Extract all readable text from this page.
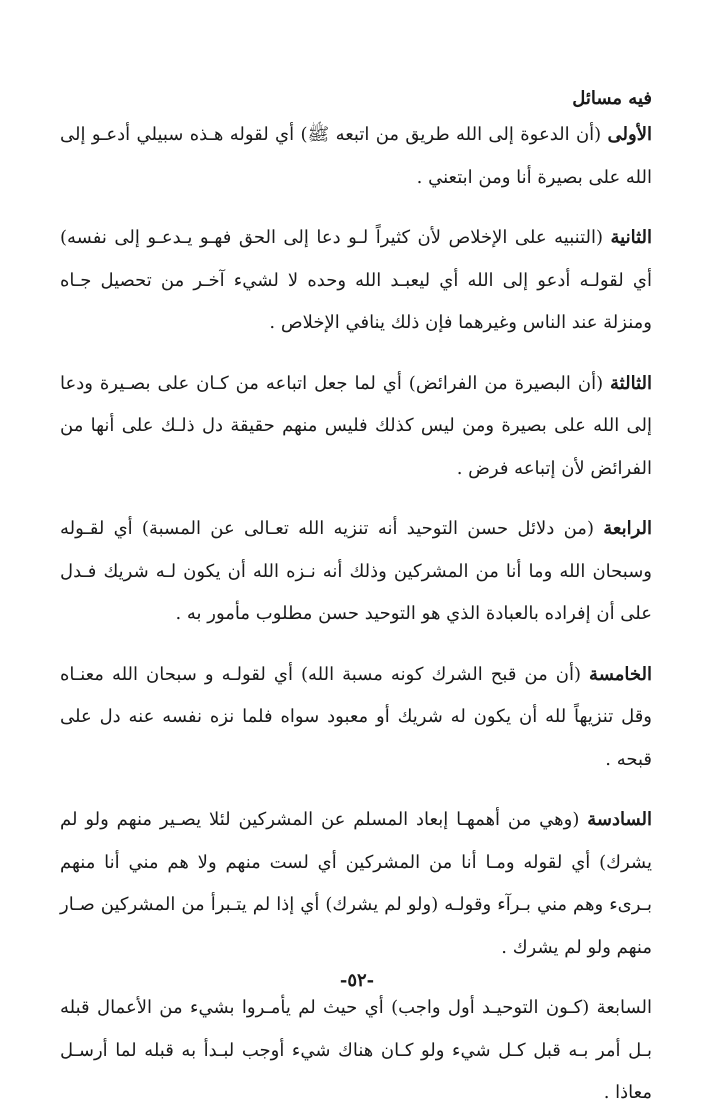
فيه مسائل

الأولى (أن الدعوة إلى الله طريق من اتبعه ﷺ) أي لقوله هـذه سبيلي أدعـو إلى الله على بصيرة أنا ومن ابتعني .

الثانية (التنبيه على الإخلاص لأن كثيراً لـو دعا إلى الحق فهـو يـدعـو إلى نفسه) أي لقولـه أدعو إلى الله أي ليعبـد الله وحده لا لشيء آخـر من تحصيل جـاه ومنزلة عند الناس وغيرهما فإن ذلك ينافي الإخلاص .

الثالثة (أن البصيرة من الفرائض) أي لما جعل اتباعه من كـان على بصـيرة ودعا إلى الله على بصيرة ومن ليس كذلك فليس منهم حقيقة دل ذلـك على أنها من الفرائض لأن إتباعه فرض .

الرابعة (من دلائل حسن التوحيد أنه تنزيه الله تعـالى عن المسبة) أي لقـوله وسبحان الله وما أنا من المشركين وذلك أنه نـزه الله أن يكون لـه شريك فـدل على أن إفراده بالعبادة الذي هو التوحيد حسن مطلوب مأمور به .

الخامسة (أن من قبح الشرك كونه مسبة الله) أي لقولـه و سبحان الله معنـاه وقل تنزيهاً لله أن يكون له شريك أو معبود سواه فلما نزه نفسه عنه دل على قبحه .

السادسة (وهي من أهمهـا إبعاد المسلم عن المشركين لئلا يصـير منهم ولو لم يشرك) أي لقوله ومـا أنا من المشركين أي لست منهم ولا هم مني أنا منهم بـرىء وهم مني بـرآء وقولـه (ولو لم يشرك) أي إذا لم يتـبرأ من المشركين صـار منهم ولو لم يشرك .

السابعة (كـون التوحيـد أول واجب) أي حيث لم يأمـروا بشيء من الأعمال قبله بـل أمر بـه قبل كـل شيء ولو كـان هناك شيء أوجب لبـدأ به قبله لما أرسـل معاذا .

-٥٢-
